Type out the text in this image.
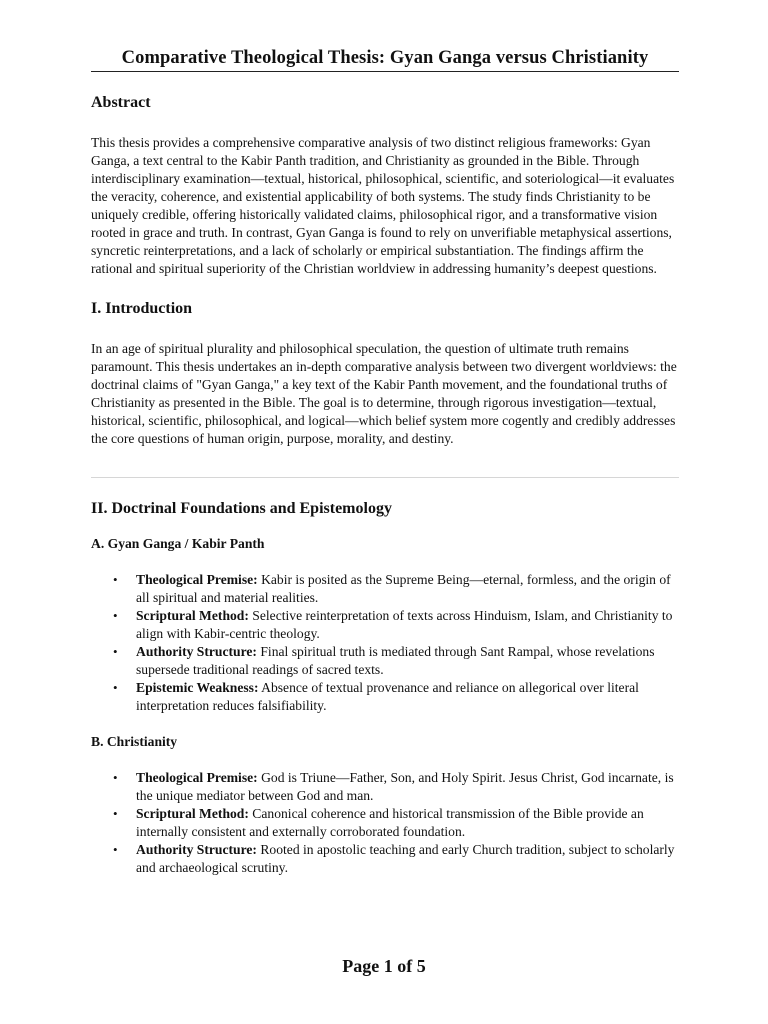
Comparative Theological Thesis: Gyan Ganga versus Christianity
Abstract

This thesis provides a comprehensive comparative analysis of two distinct religious frameworks: Gyan Ganga, a text central to the Kabir Panth tradition, and Christianity as grounded in the Bible. Through interdisciplinary examination—textual, historical, philosophical, scientific, and soteriological—it evaluates the veracity, coherence, and existential applicability of both systems. The study finds Christianity to be uniquely credible, offering historically validated claims, philosophical rigor, and a transformative vision rooted in grace and truth. In contrast, Gyan Ganga is found to rely on unverifiable metaphysical assertions, syncretic reinterpretations, and a lack of scholarly or empirical substantiation. The findings affirm the rational and spiritual superiority of the Christian worldview in addressing humanity’s deepest questions.

I. Introduction

In an age of spiritual plurality and philosophical speculation, the question of ultimate truth remains paramount. This thesis undertakes an in-depth comparative analysis between two divergent worldviews: the doctrinal claims of "Gyan Ganga," a key text of the Kabir Panth movement, and the foundational truths of Christianity as presented in the Bible. The goal is to determine, through rigorous investigation—textual, historical, scientific, philosophical, and logical—which belief system more cogently and credibly addresses the core questions of human origin, purpose, morality, and destiny.

II. Doctrinal Foundations and Epistemology
A. Gyan Ganga / Kabir Panth
• Theological Premise: Kabir is posited as the Supreme Being—eternal, formless, and the origin of all spiritual and material realities.
• Scriptural Method: Selective reinterpretation of texts across Hinduism, Islam, and Christianity to align with Kabir-centric theology.
• Authority Structure: Final spiritual truth is mediated through Sant Rampal, whose revelations supersede traditional readings of sacred texts.
• Epistemic Weakness: Absence of textual provenance and reliance on allegorical over literal interpretation reduces falsifiability.
B. Christianity
• Theological Premise: God is Triune—Father, Son, and Holy Spirit. Jesus Christ, God incarnate, is the unique mediator between God and man.
• Scriptural Method: Canonical coherence and historical transmission of the Bible provide an internally consistent and externally corroborated foundation.
• Authority Structure: Rooted in apostolic teaching and early Church tradition, subject to scholarly and archaeological scrutiny.
Page 1 of 5
